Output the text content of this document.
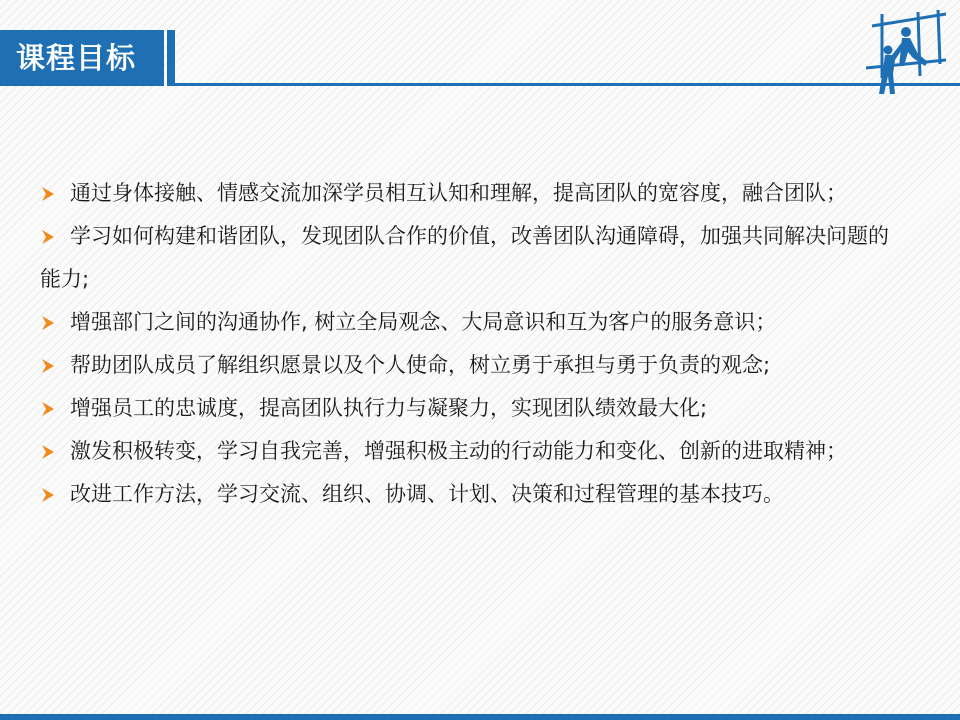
课程目标
通过身体接触、情感交流加深学员相互认知和理解，提高团队的宽容度，融合团队；
学习如何构建和谐团队，发现团队合作的价值，改善团队沟通障碍，加强共同解决问题的能力;
增强部门之间的沟通协作, 树立全局观念、大局意识和互为客户的服务意识；
帮助团队成员了解组织愿景以及个人使命，树立勇于承担与勇于负责的观念;
增强员工的忠诚度，提高团队执行力与凝聚力，实现团队绩效最大化;
激发积极转变，学习自我完善，增强积极主动的行动能力和变化、创新的进取精神；
改进工作方法，学习交流、组织、协调、计划、决策和过程管理的基本技巧。
